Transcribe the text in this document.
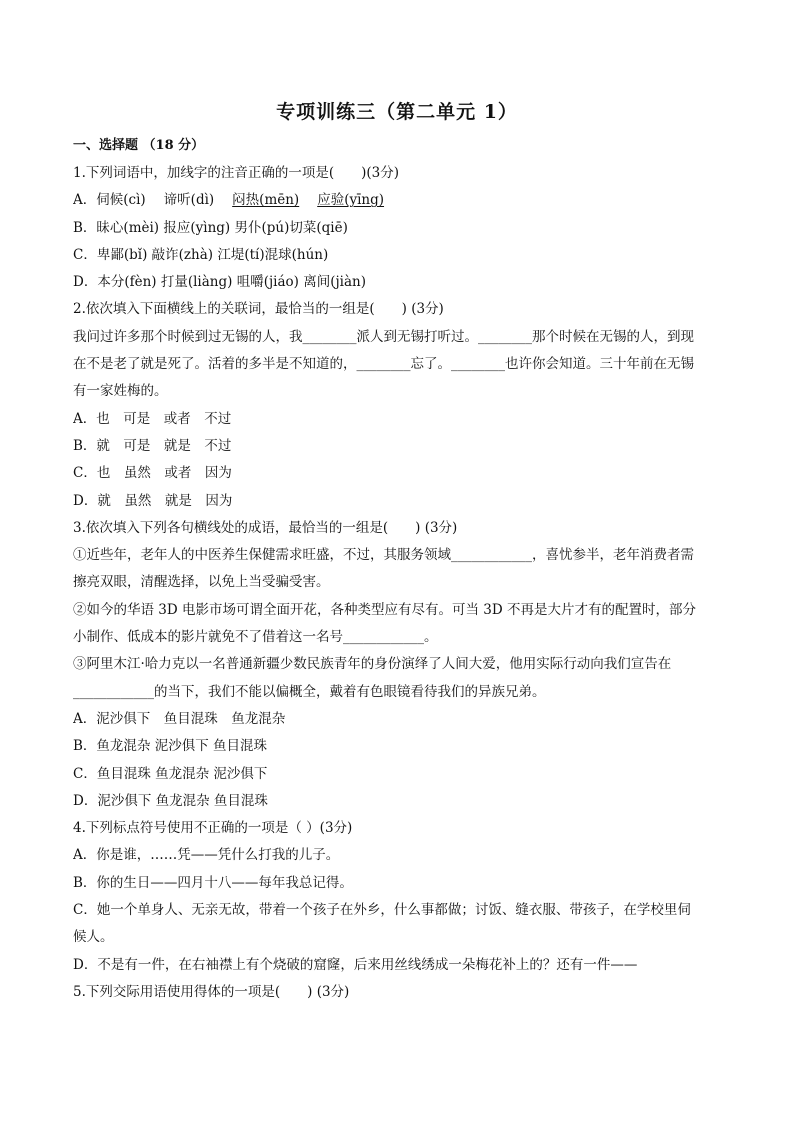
专项训练三（第二单元 1）
一、选择题 （18 分）
1.下列词语中，加线字的注音正确的一项是(　　)(3分)
A．伺候(cì) 谛听(dì) 闷热(mēn) 应验(yīng)
B．昧心(mèi) 报应(yìng) 男仆(pú)切菜(qiē)
C．卑鄙(bǐ) 敲诈(zhà) 江堤(tí)混球(hún)
D．本分(fèn) 打量(liàng) 咀嚼(jiáo) 离间(jiàn)
2.依次填入下面横线上的关联词，最恰当的一组是(　　) (3分)
我问过许多那个时候到过无锡的人，我________派人到无锡打听过。________那个时候在无锡的人，到现
在不是老了就是死了。活着的多半是不知道的，________忘了。________也许你会知道。三十年前在无锡
有一家姓梅的。
A．也　可是　或者　不过
B．就　可是　就是　不过
C．也　虽然　或者　因为
D．就　虽然　就是　因为
3.依次填入下列各句横线处的成语，最恰当的一组是(　　) (3分)
①近些年，老年人的中医养生保健需求旺盛，不过，其服务领域____________，喜忧参半，老年消费者需
擦亮双眼，清醒选择，以免上当受骗受害。
②如今的华语 3D 电影市场可谓全面开花，各种类型应有尽有。可当 3D 不再是大片才有的配置时，部分
小制作、低成本的影片就免不了借着这一名号____________。
③阿里木江·哈力克以一名普通新疆少数民族青年的身份演绎了人间大爱，他用实际行动向我们宣告在
____________的当下，我们不能以偏概全，戴着有色眼镜看待我们的异族兄弟。
A．泥沙俱下　鱼目混珠　鱼龙混杂
B．鱼龙混杂 泥沙俱下 鱼目混珠
C．鱼目混珠 鱼龙混杂 泥沙俱下
D．泥沙俱下 鱼龙混杂 鱼目混珠
4.下列标点符号使用不正确的一项是（ ）(3分)
A．你是谁，……凭——凭什么打我的儿子。
B．你的生日——四月十八——每年我总记得。
C．她一个单身人、无亲无故，带着一个孩子在外乡，什么事都做；讨饭、缝衣服、带孩子，在学校里伺
候人。
D．不是有一件，在右袖襟上有个烧破的窟窿，后来用丝线绣成一朵梅花补上的？还有一件——
5.下列交际用语使用得体的一项是(　　) (3分)
